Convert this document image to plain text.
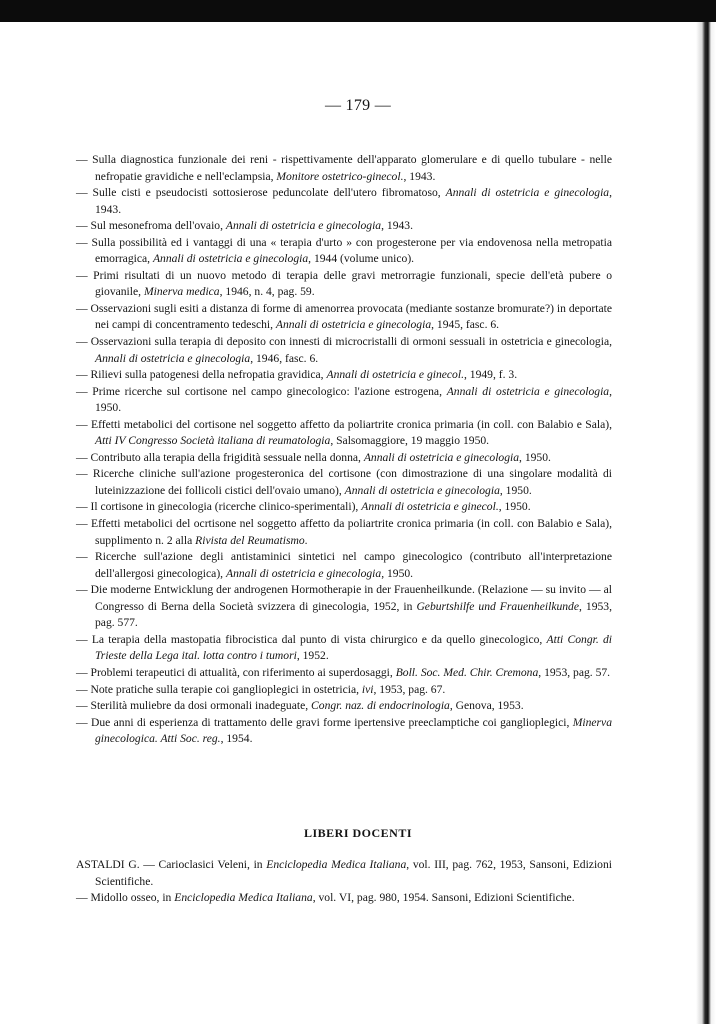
— 179 —
— Sulla diagnostica funzionale dei reni - rispettivamente dell'apparato glomerulare e di quello tubulare - nelle nefropatie gravidiche e nell'eclampsia, Monitore ostetrico-ginecol., 1943.
— Sulle cisti e pseudocisti sottosierose peduncolate dell'utero fibromatoso, Annali di ostetricia e ginecologia, 1943.
— Sul mesonefroma dell'ovaio, Annali di ostetricia e ginecologia, 1943.
— Sulla possibilità ed i vantaggi di una « terapia d'urto » con progesterone per via endovenosa nella metropatia emorragica, Annali di ostetricia e ginecologia, 1944 (volume unico).
— Primi risultati di un nuovo metodo di terapia delle gravi metrorragie funzionali, specie dell'età pubere o giovanile, Minerva medica, 1946, n. 4, pag. 59.
— Osservazioni sugli esiti a distanza di forme di amenorrea provocata (mediante sostanze bromurate?) in deportate nei campi di concentramento tedeschi, Annali di ostetricia e ginecologia, 1945, fasc. 6.
— Osservazioni sulla terapia di deposito con innesti di microcristalli di ormoni sessuali in ostetricia e ginecologia, Annali di ostetricia e ginecologia, 1946, fasc. 6.
— Rilievi sulla patogenesi della nefropatia gravidica, Annali di ostetricia e ginecol., 1949, f. 3.
— Prime ricerche sul cortisone nel campo ginecologico: l'azione estrogena, Annali di ostetricia e ginecologia, 1950.
— Effetti metabolici del cortisone nel soggetto affetto da poliartrite cronica primaria (in coll. con Balabio e Sala), Atti IV Congresso Società italiana di reumatologia, Salsomaggiore, 19 maggio 1950.
— Contributo alla terapia della frigidità sessuale nella donna, Annali di ostetricia e ginecologia, 1950.
— Ricerche cliniche sull'azione progesteronica del cortisone (con dimostrazione di una singolare modalità di luteinizzazione dei follicoli cistici dell'ovaio umano), Annali di ostetricia e ginecologia, 1950.
— Il cortisone in ginecologia (ricerche clinico-sperimentali), Annali di ostetricia e ginecol., 1950.
— Effetti metabolici del ocrtisone nel soggetto affetto da poliartrite cronica primaria (in coll. con Balabio e Sala), supplimento n. 2 alla Rivista del Reumatismo.
— Ricerche sull'azione degli antistaminici sintetici nel campo ginecologico (contributo all'interpretazione dell'allergosi ginecologica), Annali di ostetricia e ginecologia, 1950.
— Die moderne Entwicklung der androgenen Hormotherapie in der Frauenheilkunde. (Relazione — su invito — al Congresso di Berna della Società svizzera di ginecologia, 1952, in Geburtshilfe und Frauenheilkunde, 1953, pag. 577.
— La terapia della mastopatia fibrocistica dal punto di vista chirurgico e da quello ginecologico, Atti Congr. di Trieste della Lega ital. lotta contro i tumori, 1952.
— Problemi terapeutici di attualità, con riferimento ai superdosaggi, Boll. Soc. Med. Chir. Cremona, 1953, pag. 57.
— Note pratiche sulla terapie coi ganglioplegici in ostetricia, ivi, 1953, pag. 67.
— Sterilità muliebre da dosi ormonali inadeguate, Congr. naz. di endocrinologia, Genova, 1953.
— Due anni di esperienza di trattamento delle gravi forme ipertensive preeclamptiche coi ganglioplegici, Minerva ginecologica. Atti Soc. reg., 1954.
LIBERI DOCENTI
ASTALDI G. — Carioclasici Veleni, in Enciclopedia Medica Italiana, vol. III, pag. 762, 1953, Sansoni, Edizioni Scientifiche.
— Midollo osseo, in Enciclopedia Medica Italiana, vol. VI, pag. 980, 1954. Sansoni, Edizioni Scientifiche.
